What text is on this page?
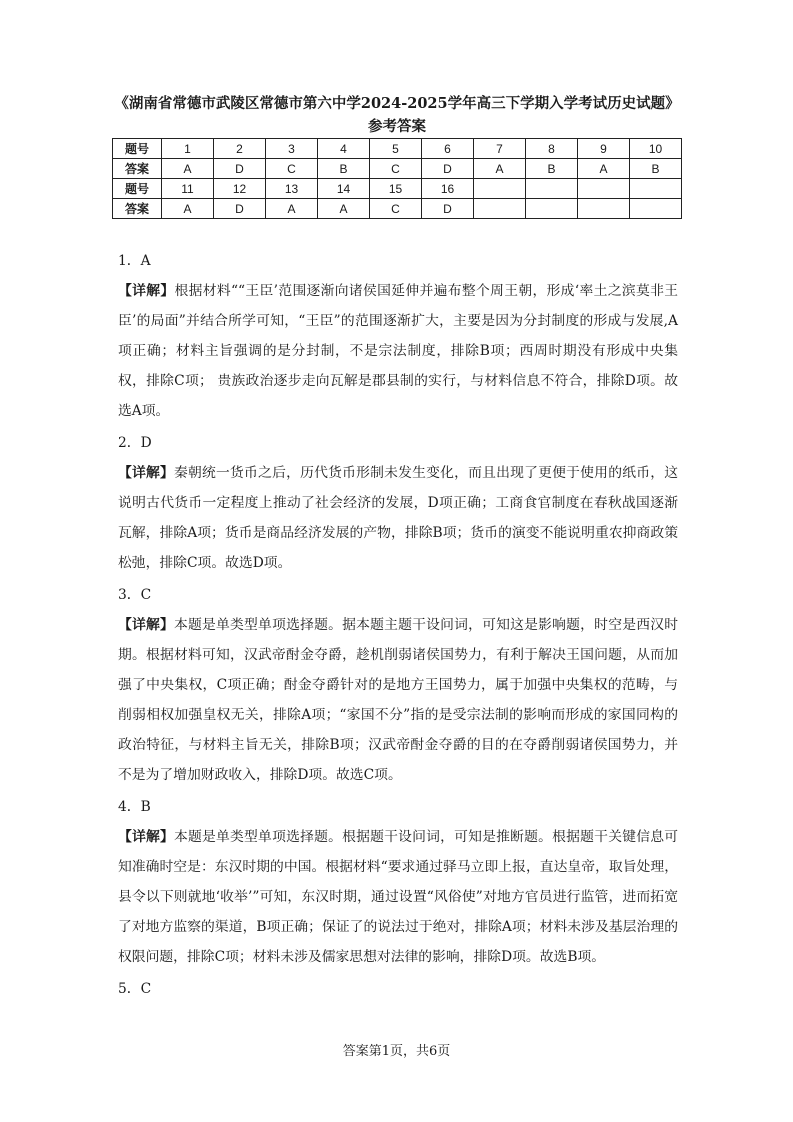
《湖南省常德市武陵区常德市第六中学2024-2025学年高三下学期入学考试历史试题》参考答案
题号	1	2	3	4	5	6	7	8	9	10
答案	A	D	C	B	C	D	A	B	A	B
题号	11	12	13	14	15	16				
答案	A	D	A	A	C	D				
1．A
【详解】根据材料““王臣’范围逐渐向诸侯国延伸并遍布整个周王朝，形成‘率土之滨莫非王臣’的局面”并结合所学可知，“王臣”的范围逐渐扩大，主要是因为分封制度的形成与发展,A项正确；材料主旨强调的是分封制，不是宗法制度，排除B项；西周时期没有形成中央集权，排除C项； 贵族政治逐步走向瓦解是郡县制的实行，与材料信息不符合，排除D项。故选A项。
2．D
【详解】秦朝统一货币之后，历代货币形制未发生变化，而且出现了更便于使用的纸币，这说明古代货币一定程度上推动了社会经济的发展，D项正确；工商食官制度在春秋战国逐渐瓦解，排除A项；货币是商品经济发展的产物，排除B项；货币的演变不能说明重农抑商政策松弛，排除C项。故选D项。
3．C
【详解】本题是单类型单项选择题。据本题主题干设问词，可知这是影响题，时空是西汉时期。根据材料可知，汉武帝酎金夺爵，趁机削弱诸侯国势力，有利于解决王国问题，从而加强了中央集权，C项正确；酎金夺爵针对的是地方王国势力，属于加强中央集权的范畴，与削弱相权加强皇权无关，排除A项；“家国不分”指的是受宗法制的影响而形成的家国同构的政治特征，与材料主旨无关，排除B项；汉武帝酎金夺爵的目的在夺爵削弱诸侯国势力，并不是为了增加财政收入，排除D项。故选C项。
4．B
【详解】本题是单类型单项选择题。根据题干设问词，可知是推断题。根据题干关键信息可知准确时空是：东汉时期的中国。根据材料“要求通过驿马立即上报，直达皇帝，取旨处理，县令以下则就地‘收举’”可知，东汉时期，通过设置“风俗使”对地方官员进行监管，进而拓宽了对地方监察的渠道，B项正确；保证了的说法过于绝对，排除A项；材料未涉及基层治理的权限问题，排除C项；材料未涉及儒家思想对法律的影响，排除D项。故选B项。
5．C
答案第1页，共6页
